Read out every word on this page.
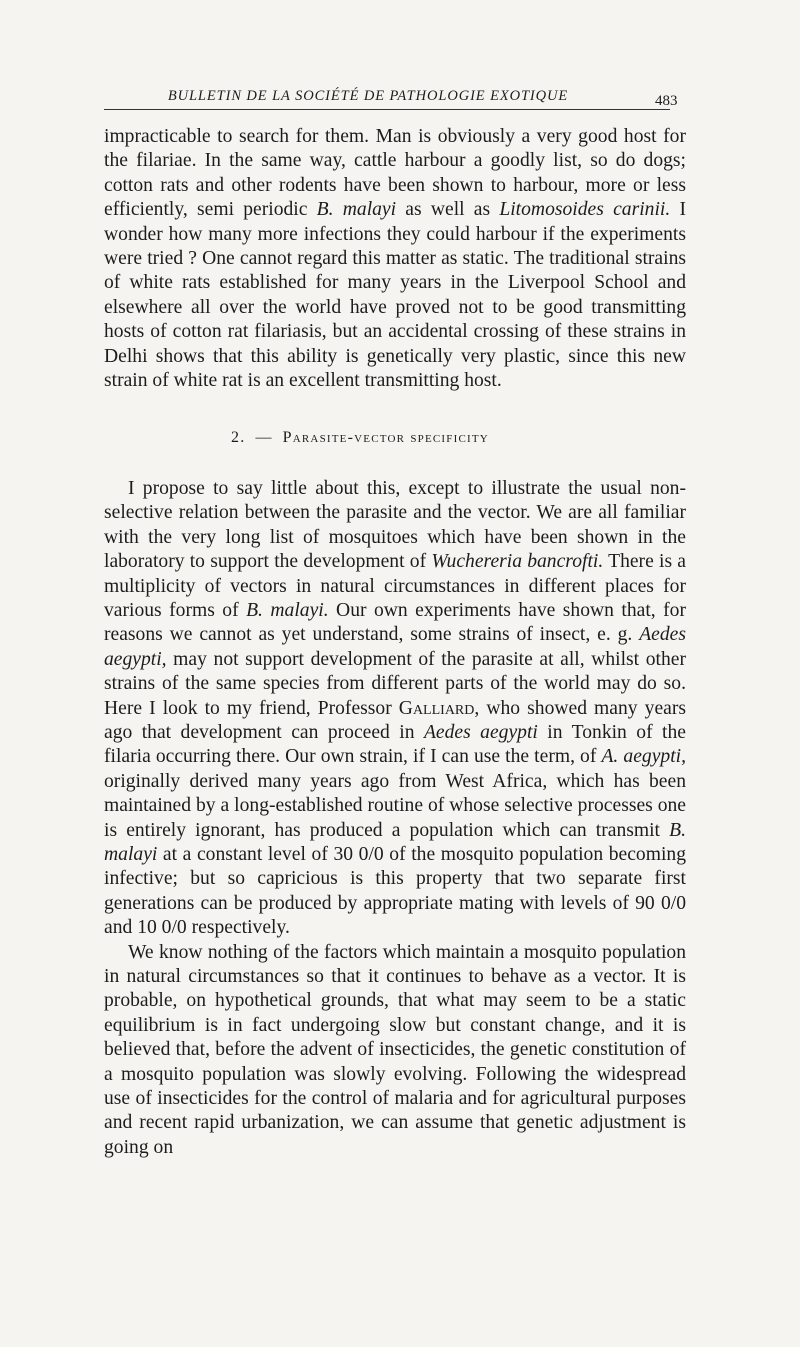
BULLETIN DE LA SOCIÉTÉ DE PATHOLOGIE EXOTIQUE	483

impracticable to search for them. Man is obviously a very good host for the filariae. In the same way, cattle harbour a goodly list, so do dogs; cotton rats and other rodents have been shown to harbour, more or less efficiently, semi periodic B. malayi as well as Litomosoides carinii. I wonder how many more infections they could harbour if the experiments were tried ? One cannot regard this matter as static. The traditional strains of white rats established for many years in the Liverpool School and elsewhere all over the world have proved not to be good transmitting hosts of cotton rat filariasis, but an accidental crossing of these strains in Delhi shows that this ability is genetically very plastic, since this new strain of white rat is an excellent transmitting host.

2. — Parasite-vector specificity

I propose to say little about this, except to illustrate the usual non-selective relation between the parasite and the vector. We are all familiar with the very long list of mosquitoes which have been shown in the laboratory to support the development of Wuchereria bancrofti. There is a multiplicity of vectors in natural circumstances in different places for various forms of B. malayi. Our own experiments have shown that, for reasons we cannot as yet understand, some strains of insect, e. g. Aedes aegypti, may not support development of the parasite at all, whilst other strains of the same species from different parts of the world may do so. Here I look to my friend, Professor Galliard, who showed many years ago that development can proceed in Aedes aegypti in Tonkin of the filaria occurring there. Our own strain, if I can use the term, of A. aegypti, originally derived many years ago from West Africa, which has been maintained by a long-established routine of whose selective processes one is entirely ignorant, has produced a population which can transmit B. malayi at a constant level of 30 0/0 of the mosquito population becoming infective; but so capricious is this property that two separate first generations can be produced by appropriate mating with levels of 90 0/0 and 10 0/0 respectively.

We know nothing of the factors which maintain a mosquito population in natural circumstances so that it continues to behave as a vector. It is probable, on hypothetical grounds, that what may seem to be a static equilibrium is in fact undergoing slow but constant change, and it is believed that, before the advent of insecticides, the genetic constitution of a mosquito population was slowly evolving. Following the widespread use of insecticides for the control of malaria and for agricultural purposes and recent rapid urbanization, we can assume that genetic adjustment is going on
